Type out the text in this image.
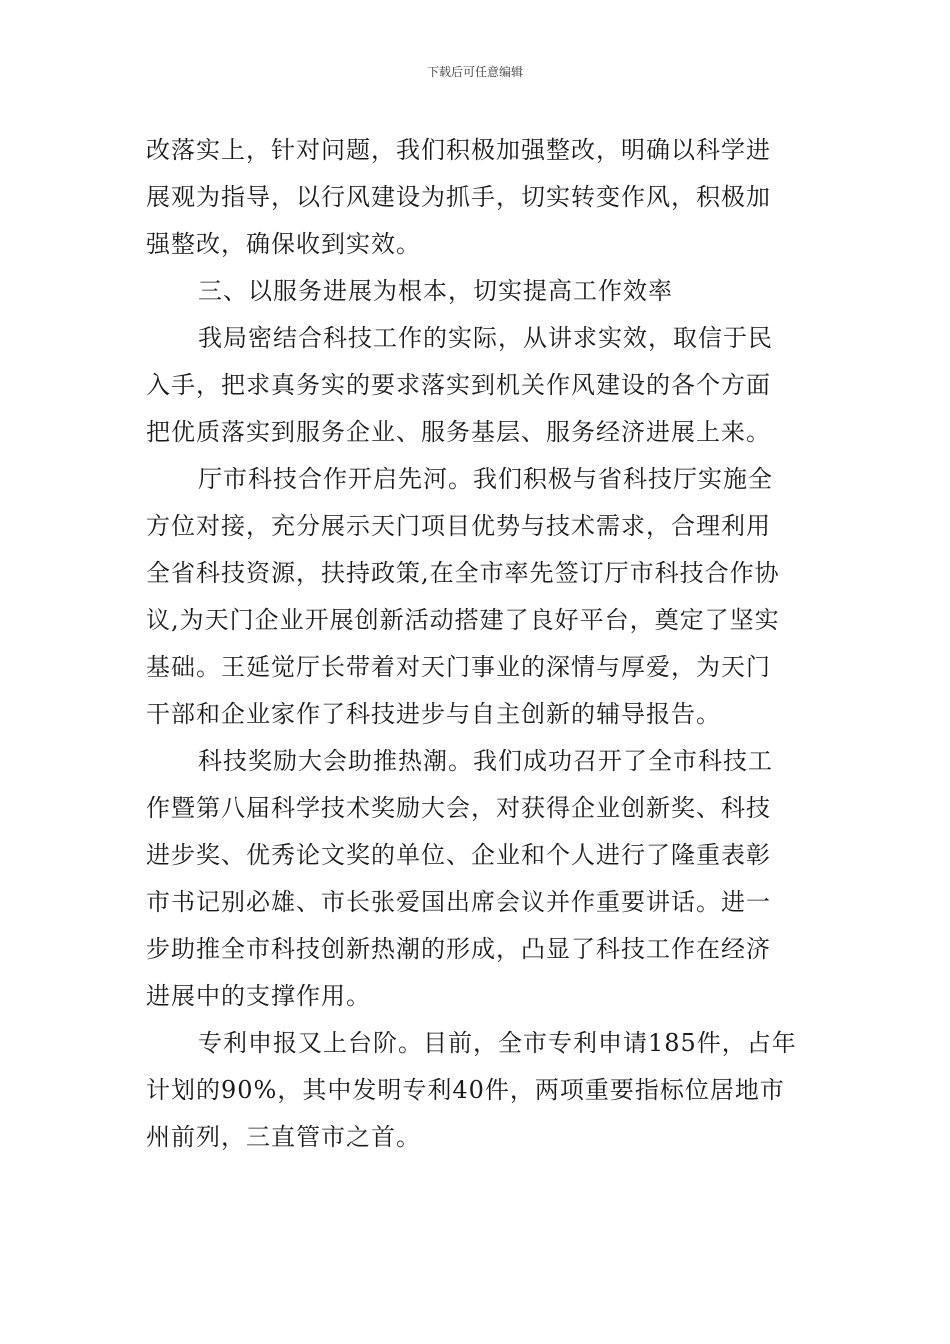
下载后可任意编辑
改落实上，针对问题，我们积极加强整改，明确以科学进
展观为指导，以行风建设为抓手，切实转变作风，积极加
强整改，确保收到实效。
三、以服务进展为根本，切实提高工作效率
我局密结合科技工作的实际，从讲求实效，取信于民
入手，把求真务实的要求落实到机关作风建设的各个方面
把优质落实到服务企业、服务基层、服务经济进展上来。
厅市科技合作开启先河。我们积极与省科技厅实施全
方位对接，充分展示天门项目优势与技术需求，合理利用
全省科技资源，扶持政策,在全市率先签订厅市科技合作协
议,为天门企业开展创新活动搭建了良好平台，奠定了坚实
基础。王延觉厅长带着对天门事业的深情与厚爱，为天门
干部和企业家作了科技进步与自主创新的辅导报告。
科技奖励大会助推热潮。我们成功召开了全市科技工
作暨第八届科学技术奖励大会，对获得企业创新奖、科技
进步奖、优秀论文奖的单位、企业和个人进行了隆重表彰
市书记别必雄、市长张爱国出席会议并作重要讲话。进一
步助推全市科技创新热潮的形成，凸显了科技工作在经济
进展中的支撑作用。
专利申报又上台阶。目前，全市专利申请185件，占年
计划的90%，其中发明专利40件，两项重要指标位居地市
州前列，三直管市之首。
